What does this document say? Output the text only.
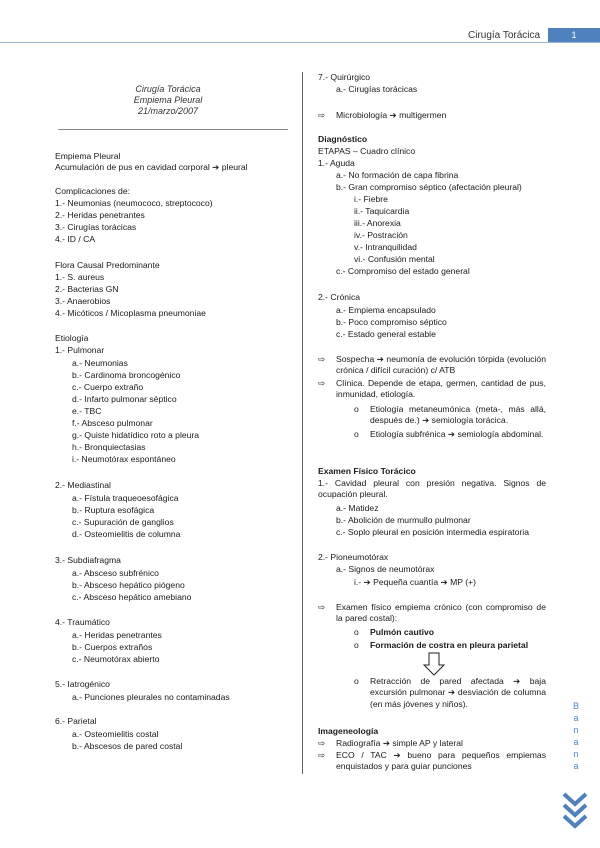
Cirugía Torácica	1
Cirugía Torácica
Empiema Pleural
21/marzo/2007
Empiema Pleural
Acumulación de pus en cavidad corporal ➔ pleural
Complicaciones de:
1.- Neumonias (neumococo, streptococo)
2.- Heridas penetrantes
3.- Cirugías torácicas
4.- ID / CA
Flora Causal Predominante
1.- S. aureus
2.- Bacterias GN
3.- Anaerobios
4.- Micóticos / Micoplasma pneumoniae
Etiología
1.- Pulmonar
a.- Neumonias
b.- Cardinoma broncogénico
c.- Cuerpo extraño
d.- Infarto pulmonar séptico
e.- TBC
f.- Absceso pulmonar
g.- Quiste hidatídico roto a pleura
h.- Bronquiectasias
i.- Neumotórax espontáneo
2.- Mediastinal
a.- Fístula traqueoesofágica
b.- Ruptura esofágica
c.- Supuración de ganglios
d.- Osteomielitis de columna
3.- Subdiafragma
a.- Absceso subfrénico
b.- Absceso hepático piógeno
c.- Absceso hepático amebiano
4.- Traumático
a.- Heridas penetrantes
b.- Cuerpos extraños
c.- Neumotórax abierto
5.- Iatrogénico
a.- Punciones pleurales no contaminadas
6.- Parietal
a.- Osteomielitis costal
b.- Abscesos de pared costal
7.- Quirúrgico
a.- Cirugías torácicas
⇨ Microbiología ➔ multigermen
Diagnóstico
ETAPAS – Cuadro clínico
1.- Aguda
a.- No formación de capa fibrina
b.- Gran compromiso séptico (afectación pleural)
i.- Fiebre
ii.- Taquicardia
iii.- Anorexia
iv.- Postración
v.- Intranquilidad
vi.- Confusión mental
c.- Compromiso del estado general
2.- Crónica
a.- Empiema encapsulado
b.- Poco compromiso séptico
c.- Estado general estable
⇨ Sospecha ➔ neumonía de evolución tórpida (evolución crónica / difícil curación) c/ ATB
⇨ Clínica. Depende de etapa, germen, cantidad de pus, inmunidad, etiología.
o Etiología metaneumónica (meta-, más allá, después de.) ➔ semiología torácica.
o Etiología subfrénica ➔ semiología abdominal.
Examen Físico Torácico
1.- Cavidad pleural con presión negativa. Signos de ocupación pleural.
a.- Matidez
b.- Abolición de murmullo pulmonar
c.- Soplo pleural en posición intermedia espiratoria
2.- Pioneumotórax
a.- Signos de neumotórax
i.- ➔ Pequeña cuantía ➔ MP (+)
⇨ Examen físico empiema crónico (con compromiso de la pared costal):
o Pulmón cautivo
o Formación de costra en pleura parietal
o Retracción de pared afectada ➔ baja excursión pulmonar ➔ desviación de columna (en más jóvenes y niños).
Imageneología
⇨ Radiografía ➔ simple AP y lateral
⇨ ECO / TAC ➔ bueno para pequeños empiemas enquistados y para guiar punciones
B
a
n
a
n
a
